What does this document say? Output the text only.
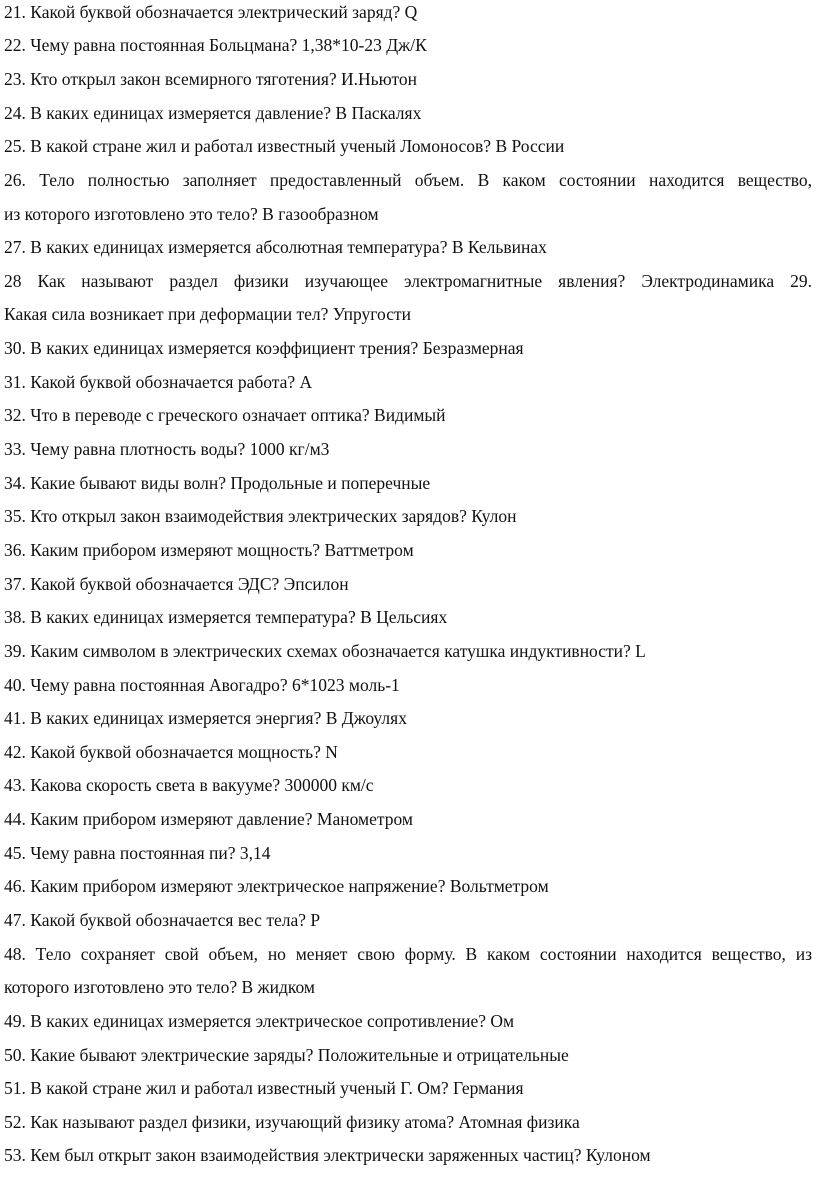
21. Какой буквой обозначается электрический заряд? Q
22. Чему равна постоянная Больцмана? 1,38*10-23 Дж/К
23. Кто открыл закон всемирного тяготения? И.Ньютон
24. В каких единицах измеряется давление? В Паскалях
25. В какой стране жил и работал известный ученый Ломоносов? В России
26. Тело полностью заполняет предоставленный объем. В каком состоянии находится вещество,
из которого изготовлено это тело? В газообразном
27. В каких единицах измеряется абсолютная температура? В Кельвинах
28 Как называют раздел физики изучающее электромагнитные явления? Электродинамика 29.
Какая сила возникает при деформации тел? Упругости
30. В каких единицах измеряется коэффициент трения? Безразмерная
31. Какой буквой обозначается работа? А
32. Что в переводе с греческого означает оптика? Видимый
33. Чему равна плотность воды? 1000 кг/м3
34. Какие бывают виды волн? Продольные и поперечные
35. Кто открыл закон взаимодействия электрических зарядов? Кулон
36. Каким прибором измеряют мощность? Ваттметром
37. Какой буквой обозначается ЭДС? Эпсилон
38. В каких единицах измеряется температура? В Цельсиях
39. Каким символом в электрических схемах обозначается катушка индуктивности? L
40. Чему равна постоянная Авогадро? 6*1023 моль-1
41. В каких единицах измеряется энергия? В Джоулях
42. Какой буквой обозначается мощность? N
43. Какова скорость света в вакууме? 300000 км/с
44. Каким прибором измеряют давление? Манометром
45. Чему равна постоянная пи? 3,14
46. Каким прибором измеряют электрическое напряжение? Вольтметром
47. Какой буквой обозначается вес тела? P
48. Тело сохраняет свой объем, но меняет свою форму. В каком состоянии находится вещество, из
которого изготовлено это тело? В жидком
49. В каких единицах измеряется электрическое сопротивление? Ом
50. Какие бывают электрические заряды? Положительные и отрицательные
51. В какой стране жил и работал известный ученый Г. Ом? Германия
52. Как называют раздел физики, изучающий физику атома? Атомная физика
53. Кем был открыт закон взаимодействия электрически заряженных частиц? Кулоном
